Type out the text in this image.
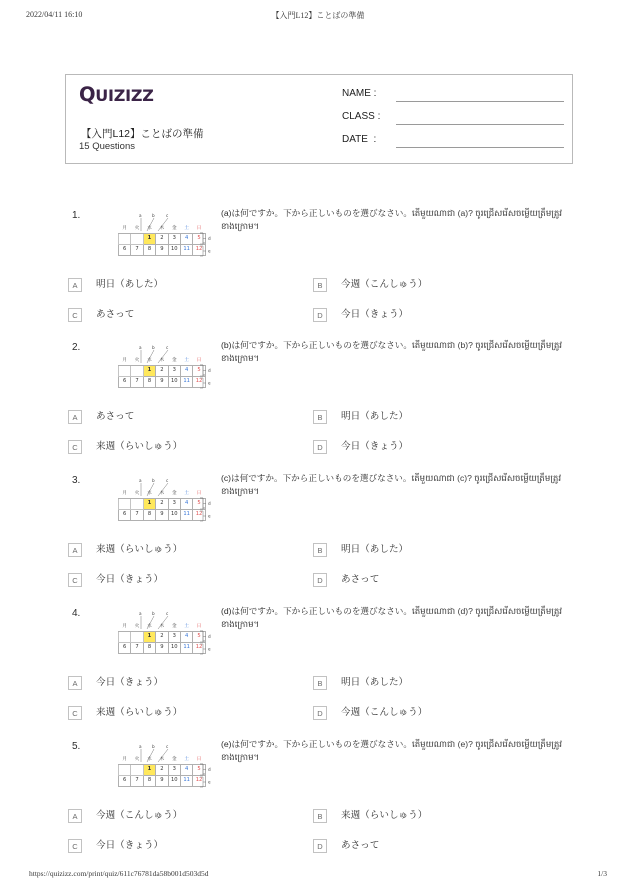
2022/04/11 16:10	【入門L12】ことばの準備
QUIZIZZ
【入門L12】ことばの準備
15 Questions
NAME :
CLASS :
DATE  :
1.	a b	c
月	火	水	木	金	土	日
		1	2	3	4	5
6	7	8	9	10	11	12
d
e
(a)は何ですか。下から正しいものを選びなさい。តើមួយណាជា (a)? ចូរជ្រើសរើសចម្លើយត្រឹមត្រូវខាងក្រោម។
A	明日（あした）	B	今週（こんしゅう）
C	あさって	D	今日（きょう）
2.	a b	c
月	火	水	木	金	土	日
		1	2	3	4	5
6	7	8	9	10	11	12
d
e
(b)は何ですか。下から正しいものを選びなさい。តើមួយណាជា (b)? ចូរជ្រើសរើសចម្លើយត្រឹមត្រូវខាងក្រោម។
A	あさって	B	明日（あした）
C	来週（らいしゅう）	D	今日（きょう）
3.	a b	c
月	火	水	木	金	土	日
		1	2	3	4	5
6	7	8	9	10	11	12
d
e
(c)は何ですか。下から正しいものを選びなさい。តើមួយណាជា (c)? ចូរជ្រើសរើសចម្លើយត្រឹមត្រូវខាងក្រោម។
A	来週（らいしゅう）	B	明日（あした）
C	今日（きょう）	D	あさって
4.	a b	c
月	火	水	木	金	土	日
		1	2	3	4	5
6	7	8	9	10	11	12
d
e
(d)は何ですか。下から正しいものを選びなさい。តើមួយណាជា (d)? ចូរជ្រើសរើសចម្លើយត្រឹមត្រូវខាងក្រោម។
A	今日（きょう）	B	明日（あした）
C	来週（らいしゅう）	D	今週（こんしゅう）
5.	a b	c
月	火	水	木	金	土	日
		1	2	3	4	5
6	7	8	9	10	11	12
d
e
(e)は何ですか。下から正しいものを選びなさい。តើមួយណាជា (e)? ចូរជ្រើសរើសចម្លើយត្រឹមត្រូវខាងក្រោម។
A	今週（こんしゅう）	B	来週（らいしゅう）
C	今日（きょう）	D	あさって
https://quizizz.com/print/quiz/611c76781da58b001d503d5d	1/3
